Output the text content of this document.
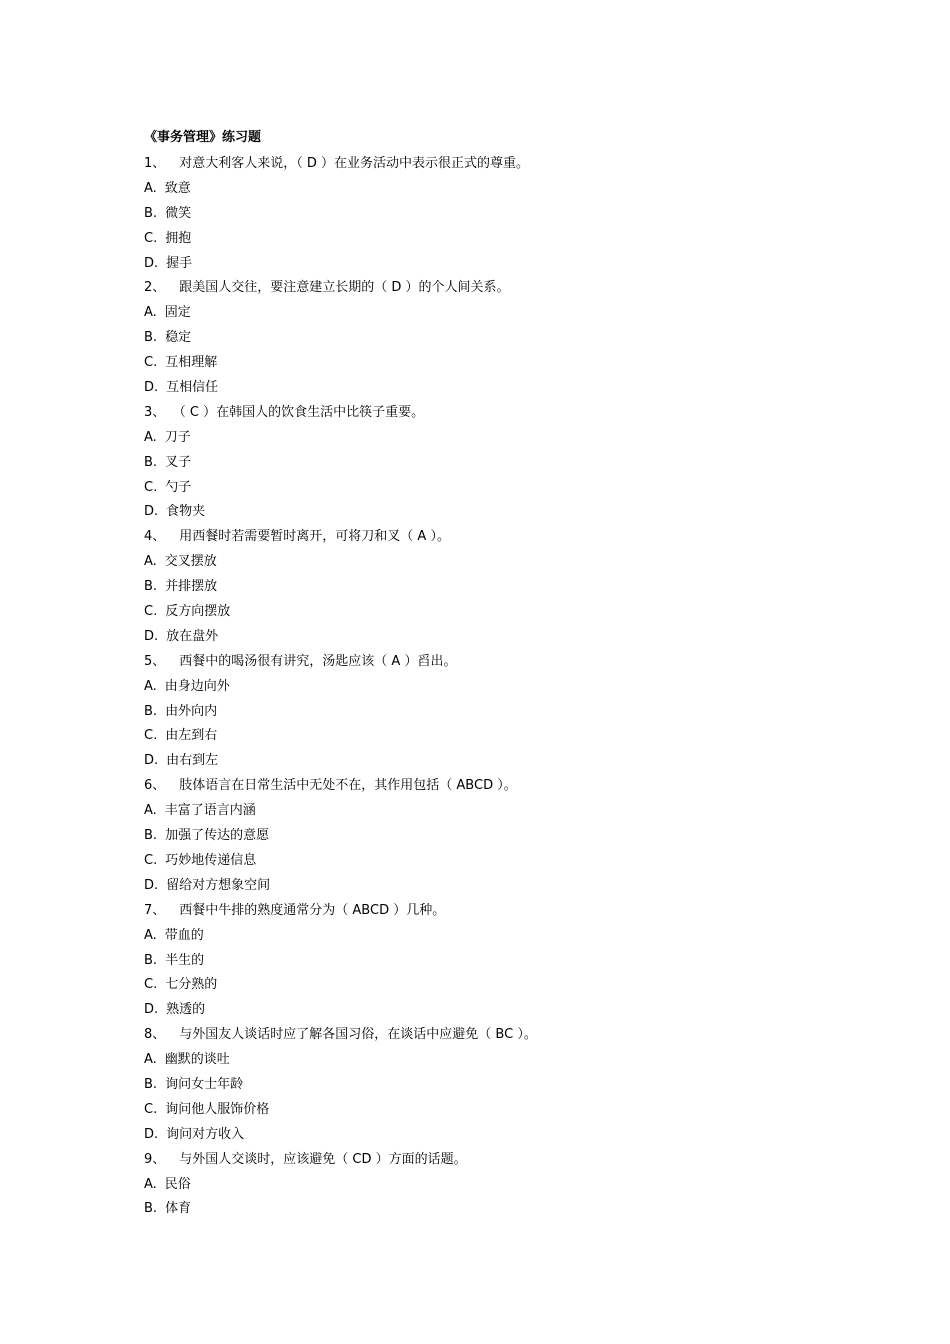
《事务管理》练习题
1、 对意大利客人来说，（ D ）在业务活动中表示很正式的尊重。
A. 致意
B. 微笑
C. 拥抱
D. 握手
2、 跟美国人交往，要注意建立长期的（ D ）的个人间关系。
A. 固定
B. 稳定
C. 互相理解
D. 互相信任
3、 （ C ）在韩国人的饮食生活中比筷子重要。
A. 刀子
B. 叉子
C. 勺子
D. 食物夹
4、 用西餐时若需要暂时离开，可将刀和叉（ A ）。
A. 交叉摆放
B. 并排摆放
C. 反方向摆放
D. 放在盘外
5、 西餐中的喝汤很有讲究，汤匙应该（ A ）舀出。
A. 由身边向外
B. 由外向内
C. 由左到右
D. 由右到左
6、 肢体语言在日常生活中无处不在，其作用包括（ ABCD ）。
A. 丰富了语言内涵
B. 加强了传达的意愿
C. 巧妙地传递信息
D. 留给对方想象空间
7、 西餐中牛排的熟度通常分为（ ABCD ）几种。
A. 带血的
B. 半生的
C. 七分熟的
D. 熟透的
8、 与外国友人谈话时应了解各国习俗，在谈话中应避免（ BC ）。
A. 幽默的谈吐
B. 询问女士年龄
C. 询问他人服饰价格
D. 询问对方收入
9、 与外国人交谈时，应该避免（ CD ）方面的话题。
A. 民俗
B. 体育
